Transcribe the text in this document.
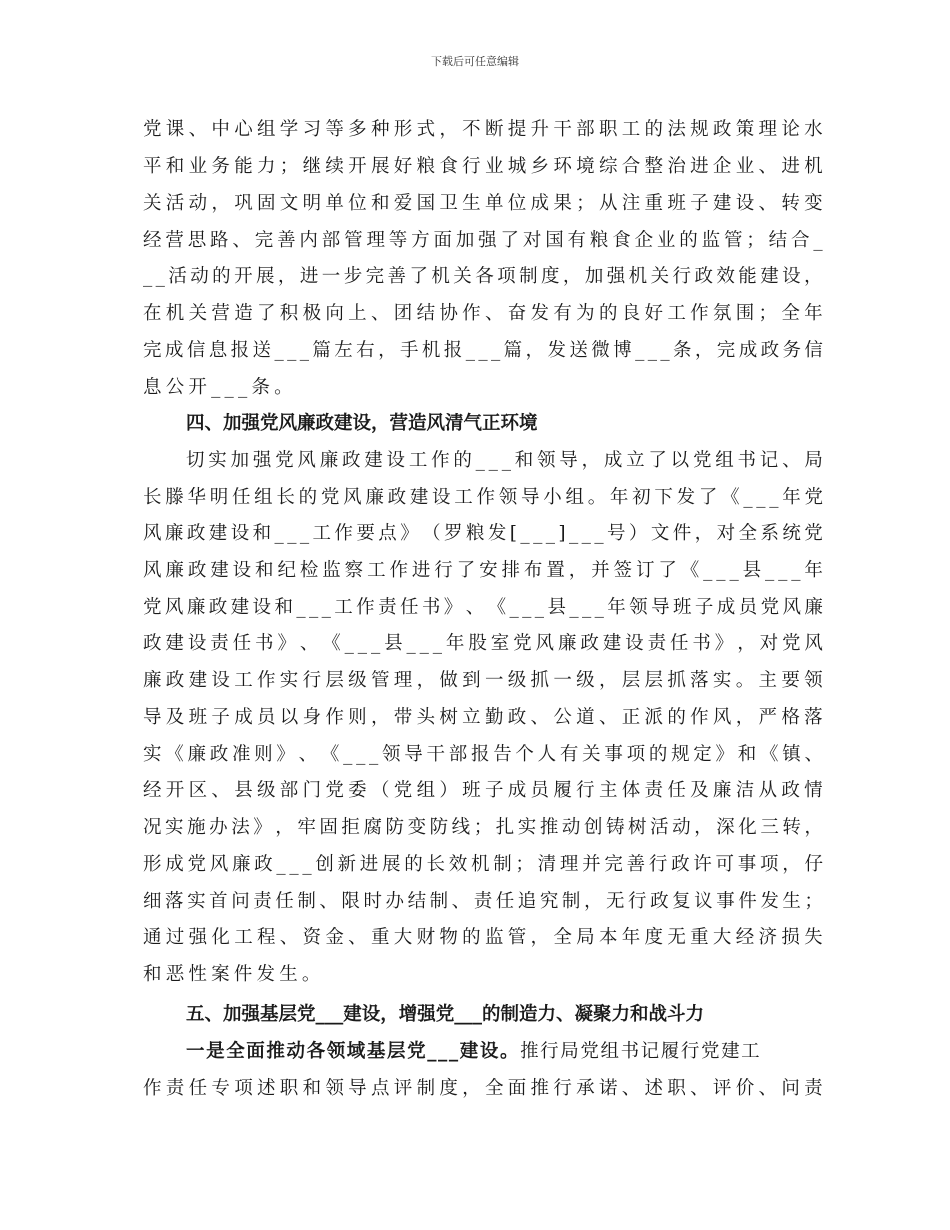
下载后可任意编辑
党 课 、 中 心 组 学 习 等 多 种 形 式 ， 不 断 提 升 干 部 职 工 的 法 规 政 策 理 论 水
平 和 业 务 能 力 ； 继 续 开 展 好 粮 食 行 业 城 乡 环 境 综 合 整 治 进 企 业 、 进 机
关 活 动 ， 巩 固 文 明 单 位 和 爱 国 卫 生 单 位 成 果 ； 从 注 重 班 子 建 设 、 转 变
经 营 思 路 、 完 善 内 部 管 理 等 方 面 加 强 了 对 国 有 粮 食 企 业 的 监 管 ； 结 合 _
_ _ 活 动 的 开 展 ， 进 一 步 完 善 了 机 关 各 项 制 度 ， 加 强 机 关 行 政 效 能 建 设 ，
在 机 关 营 造 了 积 极 向 上 、 团 结 协 作 、 奋 发 有 为 的 良 好 工 作 氛 围 ； 全 年
完 成 信 息 报 送 _ _ _ 篇 左 右 ， 手 机 报 _ _ _ 篇 ， 发 送 微 博 _ _ _ 条 ， 完 成 政 务 信
息公开___条。
四、加强党风廉政建设，营造风清气正环境
切 实 加 强 党 风 廉 政 建 设 工 作 的 _ _ _ 和 领 导 ， 成 立 了 以 党 组 书 记 、 局
长 滕 华 明 任 组 长 的 党 风 廉 政 建 设 工 作 领 导 小 组 。 年 初 下 发 了 《 _ _ _ 年 党
风 廉 政 建 设 和 _ _ _ 工 作 要 点 》 （ 罗 粮 发 [ _ _ _ ] _ _ _ 号 ） 文 件 ， 对 全 系 统 党
风 廉 政 建 设 和 纪 检 监 察 工 作 进 行 了 安 排 布 置 ， 并 签 订 了 《 _ _ _ 县 _ _ _ 年
党 风 廉 政 建 设 和 _ _ _ 工 作 责 任 书 》 、 《 _ _ _ 县 _ _ _ 年 领 导 班 子 成 员 党 风 廉
政 建 设 责 任 书 》 、 《 _ _ _ 县 _ _ _ 年 股 室 党 风 廉 政 建 设 责 任 书 》 ， 对 党 风
廉 政 建 设 工 作 实 行 层 级 管 理 ， 做 到 一 级 抓 一 级 ， 层 层 抓 落 实 。 主 要 领
导 及 班 子 成 员 以 身 作 则 ， 带 头 树 立 勤 政 、 公 道 、 正 派 的 作 风 ， 严 格 落
实 《 廉 政 准 则 》 、 《 _ _ _ 领 导 干 部 报 告 个 人 有 关 事 项 的 规 定 》 和 《 镇 、
经 开 区 、 县 级 部 门 党 委 （ 党 组 ） 班 子 成 员 履 行 主 体 责 任 及 廉 洁 从 政 情
况 实 施 办 法 》 ， 牢 固 拒 腐 防 变 防 线 ； 扎 实 推 动 创 铸 树 活 动 ， 深 化 三 转 ，
形 成 党 风 廉 政 _ _ _ 创 新 进 展 的 长 效 机 制 ； 清 理 并 完 善 行 政 许 可 事 项 ， 仔
细 落 实 首 问 责 任 制 、 限 时 办 结 制 、 责 任 追 究 制 ， 无 行 政 复 议 事 件 发 生 ；
通 过 强 化 工 程 、 资 金 、 重 大 财 物 的 监 管 ， 全 局 本 年 度 无 重 大 经 济 损 失
和恶性案件发生。
五、加强基层党___建设，增强党___的制造力、凝聚力和战斗力
一是全面推动各领域基层党___建设。 推行局党组书记履行党建工
作 责 任 专 项 述 职 和 领 导 点 评 制 度 ， 全 面 推 行 承 诺 、 述 职 、 评 价 、 问 责
